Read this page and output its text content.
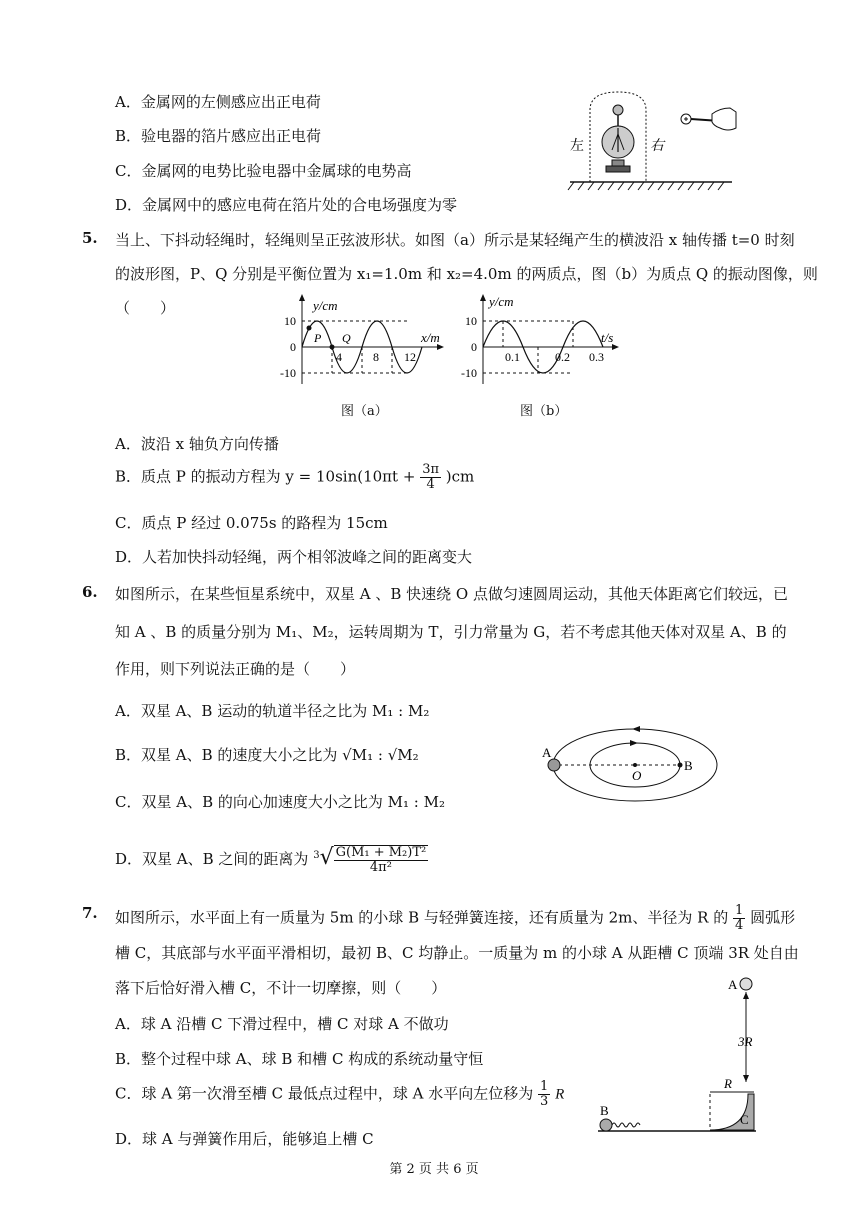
A．金属网的左侧感应出正电荷
B．验电器的箔片感应出正电荷
C．金属网的电势比验电器中金属球的电势高
D．金属网中的感应电荷在箔片处的合电场强度为零
左	右
5. 当上、下抖动轻绳时，轻绳则呈正弦波形状。如图（a）所示是某轻绳产生的横波沿 x 轴传播 t=0 时刻
的波形图，P、Q 分别是平衡位置为 x₁=1.0m 和 x₂=4.0m 的两质点，图（b）为质点 Q 的振动图像，则
（　　）	y/cm
x/m
10
0
-10
4	8 12
P Q
图（a）
y/cm
t/s
10
0
-10
0.1	0.2 0.3
图（b）
A．波沿 x 轴负方向传播
B．质点 P 的振动方程为 $y = 10\sin(10\pi t + \frac{3\pi}{4} )cm$
C．质点 P 经过 0.075s 的路程为 15cm
D．人若加快抖动轻绳，两个相邻波峰之间的距离变大
6. 如图所示，在某些恒星系统中，双星 A 、B 快速绕 O 点做匀速圆周运动，其他天体距离它们较远，已
知 A 、B 的质量分别为 M₁、M₂，运转周期为 T，引力常量为 G，若不考虑其他天体对双星 A、B 的
作用，则下列说法正确的是（　　）
A．双星 A、B 运动的轨道半径之比为 M₁ : M₂
B．双星 A、B 的速度大小之比为 √M₁ : √M₂
C．双星 A、B 的向心加速度大小之比为 M₁ : M₂
D．双星 A、B 之间的距离为 $^3√ \frac{\text{G(M₁ + M₂)T²}}{\text{4π²}}$
A
B
O
7. 如图所示，水平面上有一质量为 5m 的小球 B 与轻弹簧连接，还有质量为 2m、半径为 R 的 $\frac{1}{4}$ 圆弧形
槽 C，其底部与水平面平滑相切，最初 B、C 均静止。一质量为 m 的小球 A 从距槽 C 顶端 3R 处自由
落下后恰好滑入槽 C，不计一切摩擦，则（　　）
A．球 A 沿槽 C 下滑过程中，槽 C 对球 A 不做功
B．整个过程中球 A、球 B 和槽 C 构成的系统动量守恒
C．球 A 第一次滑至槽 C 最低点过程中，球 A 水平向左位移为 $\frac{1}{3}$ R
D．球 A 与弹簧作用后，能够追上槽 C
A
3R
R
C
B
第 2 页 共 6 页
